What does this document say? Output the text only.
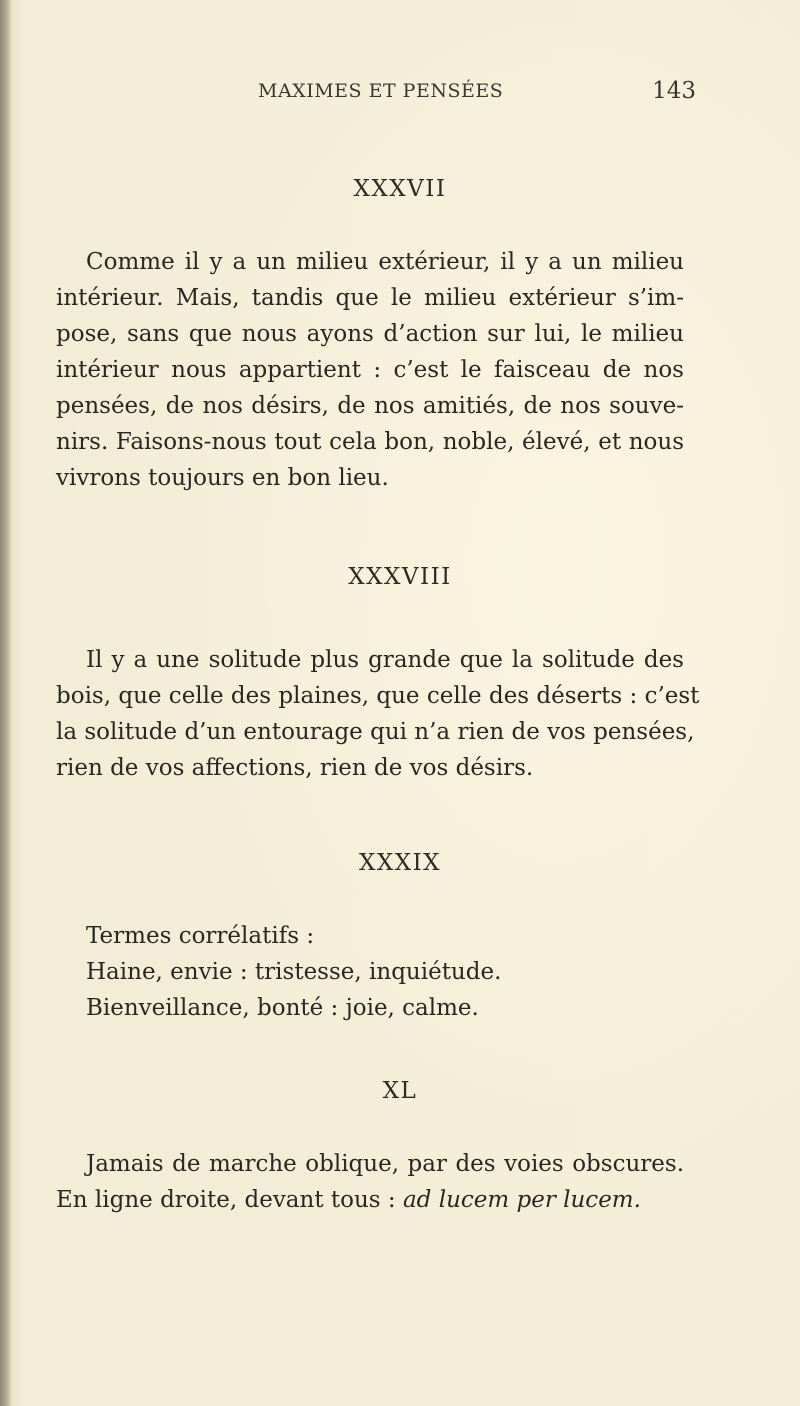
MAXIMES ET PENSÉES	143
XXXVII
Comme il y a un milieu extérieur, il y a un milieu
intérieur. Mais, tandis que le milieu extérieur s’im-
pose, sans que nous ayons d’action sur lui, le milieu
intérieur nous appartient : c’est le faisceau de nos
pensées, de nos désirs, de nos amitiés, de nos souve-
nirs. Faisons-nous tout cela bon, noble, élevé, et nous
vivrons toujours en bon lieu.
XXXVIII
Il y a une solitude plus grande que la solitude des
bois, que celle des plaines, que celle des déserts : c’est
la solitude d’un entourage qui n’a rien de vos pensées,
rien de vos affections, rien de vos désirs.
XXXIX
Termes corrélatifs :
Haine, envie : tristesse, inquiétude.
Bienveillance, bonté : joie, calme.
XL
Jamais de marche oblique, par des voies obscures.
En ligne droite, devant tous : ad lucem per lucem.
